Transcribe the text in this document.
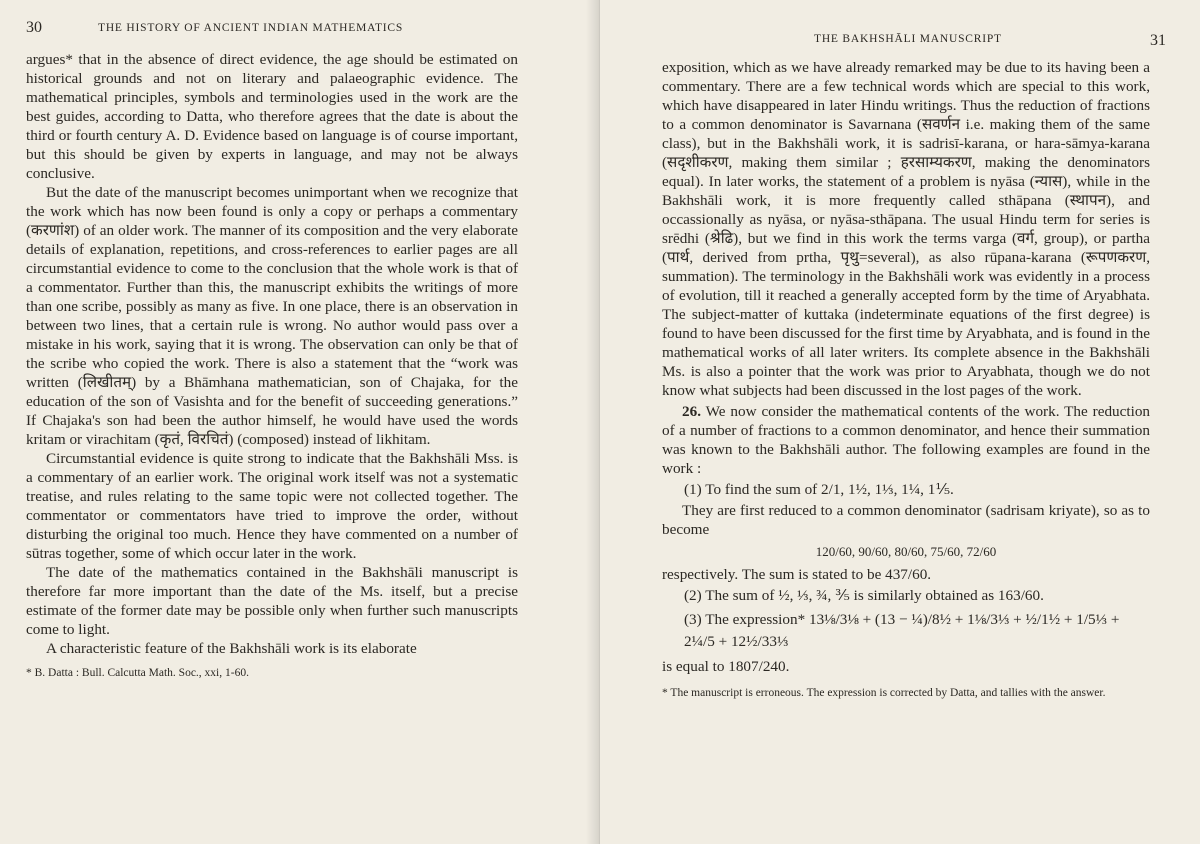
30	THE HISTORY OF ANCIENT INDIAN MATHEMATICS

argues* that in the absence of direct evidence, the age should be estimated on historical grounds and not on literary and palaeographic evidence. The mathematical principles, symbols and terminologies used in the work are the best guides, according to Datta, who therefore agrees that the date is about the third or fourth century A. D. Evidence based on language is of course important, but this should be given by experts in language, and may not be always conclusive.

But the date of the manuscript becomes unimportant when we recognize that the work which has now been found is only a copy or perhaps a commentary (करणांश) of an older work. The manner of its composition and the very elaborate details of explanation, repetitions, and cross-references to earlier pages are all circumstantial evidence to come to the conclusion that the whole work is that of a commentator. Further than this, the manuscript exhibits the writings of more than one scribe, possibly as many as five. In one place, there is an observation in between two lines, that a certain rule is wrong. No author would pass over a mistake in his work, saying that it is wrong. The observation can only be that of the scribe who copied the work. There is also a statement that the “work was written (लिखीतम्) by a Bhāmhana mathematician, son of Chajaka, for the education of the son of Vasishta and for the benefit of succeeding generations.” If Chajaka's son had been the author himself, he would have used the words kritam or virachitam (कृतं, विरचितं) (composed) instead of likhitam.

Circumstantial evidence is quite strong to indicate that the Bakhshāli Mss. is a commentary of an earlier work. The original work itself was not a systematic treatise, and rules relating to the same topic were not collected together. The commentator or commentators have tried to improve the order, without disturbing the original too much. Hence they have commented on a number of sūtras together, some of which occur later in the work.

The date of the mathematics contained in the Bakhshāli manuscript is therefore far more important than the date of the Ms. itself, but a precise estimate of the former date may be possible only when further such manuscripts come to light.

A characteristic feature of the Bakhshāli work is its elaborate

* B. Datta : Bull. Calcutta Math. Soc., xxi, 1-60.
THE BAKHSHĀLI MANUSCRIPT	31

exposition, which as we have already remarked may be due to its having been a commentary. There are a few technical words which are special to this work, which have disappeared in later Hindu writings. Thus the reduction of fractions to a common denominator is Savarnana (सवर्णन i.e. making them of the same class), but in the Bakhshāli work, it is sadrisī-karana, or hara-sāmya-karana (सदृशीकरण, making them similar ; हरसाम्यकरण, making the denominators equal). In later works, the statement of a problem is nyāsa (न्यास), while in the Bakhshāli work, it is more frequently called sthāpana (स्थापन), and occassionally as nyāsa, or nyāsa-sthāpana. The usual Hindu term for series is srēdhi (श्रेढि), but we find in this work the terms varga (वर्ग, group), or partha (पार्थ, derived from prtha, पृथु=several), as also rūpana-karana (रूपणकरण, summation). The terminology in the Bakhshāli work was evidently in a process of evolution, till it reached a generally accepted form by the time of Aryabhata. The subject-matter of kuttaka (indeterminate equations of the first degree) is found to have been discussed for the first time by Aryabhata, and is found in the mathematical works of all later writers. Its complete absence in the Bakhshāli Ms. is also a pointer that the work was prior to Aryabhata, though we do not know what subjects had been discussed in the lost pages of the work.

26. We now consider the mathematical contents of the work. The reduction of a number of fractions to a common denominator, and hence their summation was known to the Bakhshāli author. The following examples are found in the work :

(1) To find the sum of 2/1, 1½, 1⅓, 1¼, 1⅕.

They are first reduced to a common denominator (sadrisam kriyate), so as to become

120/60, 90/60, 80/60, 75/60, 72/60
respectively. The sum is stated to be 437/60.
(2) The sum of ½, ⅓, ¾, ⅗ is similarly obtained as 163/60.
(3) The expression* 13⅛/3⅛ + (13 − ¼)/8½ + 1⅛/3⅓ + ½/1½ + 1/5⅓ + 2¼/5 + 12½/33⅓
is equal to 1807/240.
* The manuscript is erroneous. The expression is corrected by Datta, and tallies with the answer.
